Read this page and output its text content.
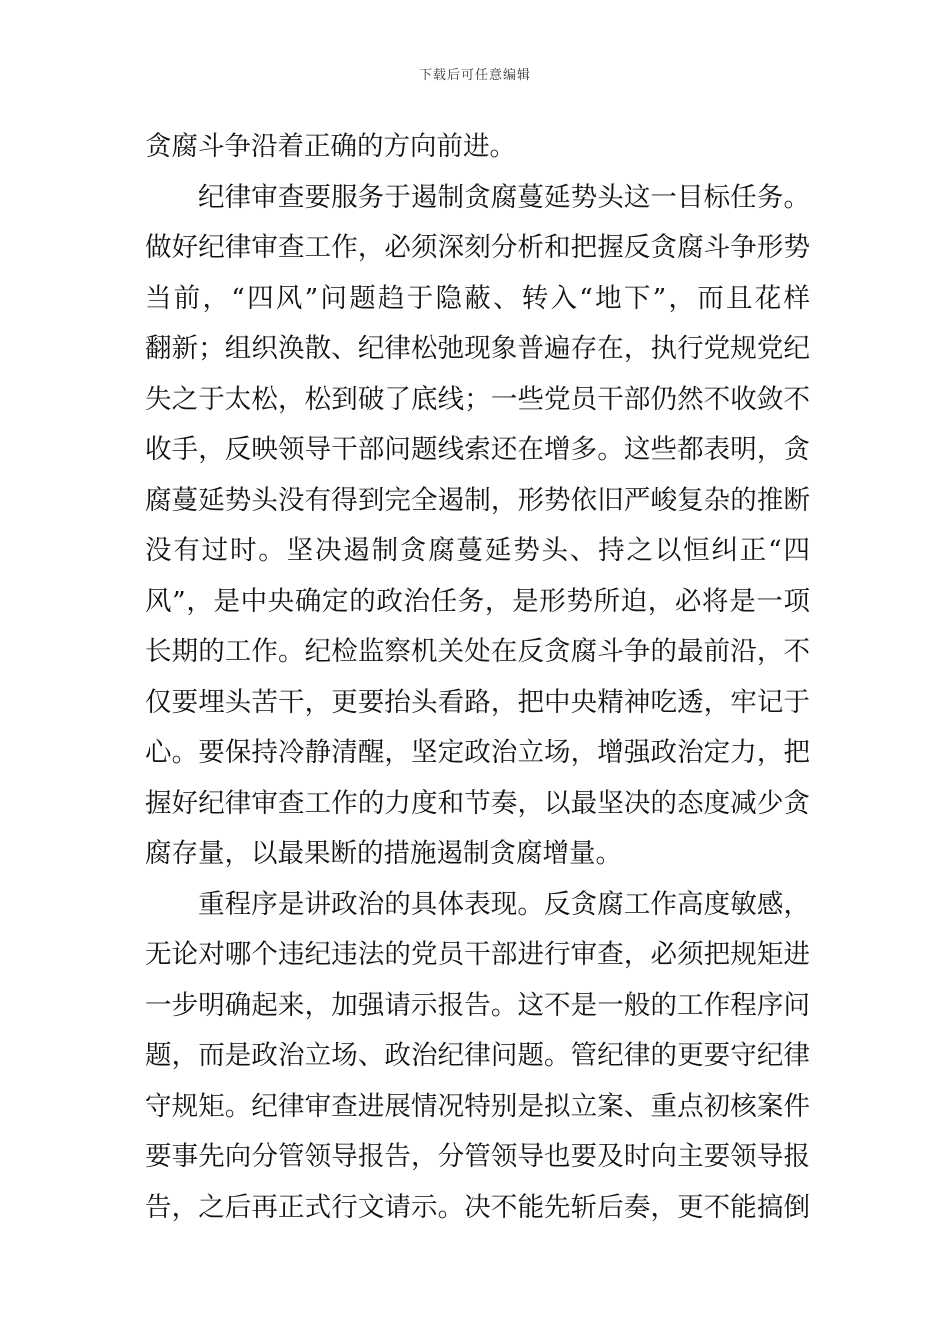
下载后可任意编辑
贪腐斗争沿着正确的方向前进。
纪律审查要服务于遏制贪腐蔓延势头这一目标任务。
做好纪律审查工作，必须深刻分析和把握反贪腐斗争形势
当前，“四风”问题趋于隐蔽、转入“地下”，而且花样
翻新；组织涣散、纪律松弛现象普遍存在，执行党规党纪
失之于太松，松到破了底线；一些党员干部仍然不收敛不
收手，反映领导干部问题线索还在增多。这些都表明，贪
腐蔓延势头没有得到完全遏制，形势依旧严峻复杂的推断
没有过时。坚决遏制贪腐蔓延势头、持之以恒纠正“四
风”，是中央确定的政治任务，是形势所迫，必将是一项
长期的工作。纪检监察机关处在反贪腐斗争的最前沿，不
仅要埋头苦干，更要抬头看路，把中央精神吃透，牢记于
心。要保持冷静清醒，坚定政治立场，增强政治定力，把
握好纪律审查工作的力度和节奏，以最坚决的态度减少贪
腐存量，以最果断的措施遏制贪腐增量。
重程序是讲政治的具体表现。反贪腐工作高度敏感，
无论对哪个违纪违法的党员干部进行审查，必须把规矩进
一步明确起来，加强请示报告。这不是一般的工作程序问
题，而是政治立场、政治纪律问题。管纪律的更要守纪律
守规矩。纪律审查进展情况特别是拟立案、重点初核案件
要事先向分管领导报告，分管领导也要及时向主要领导报
告，之后再正式行文请示。决不能先斩后奏，更不能搞倒
